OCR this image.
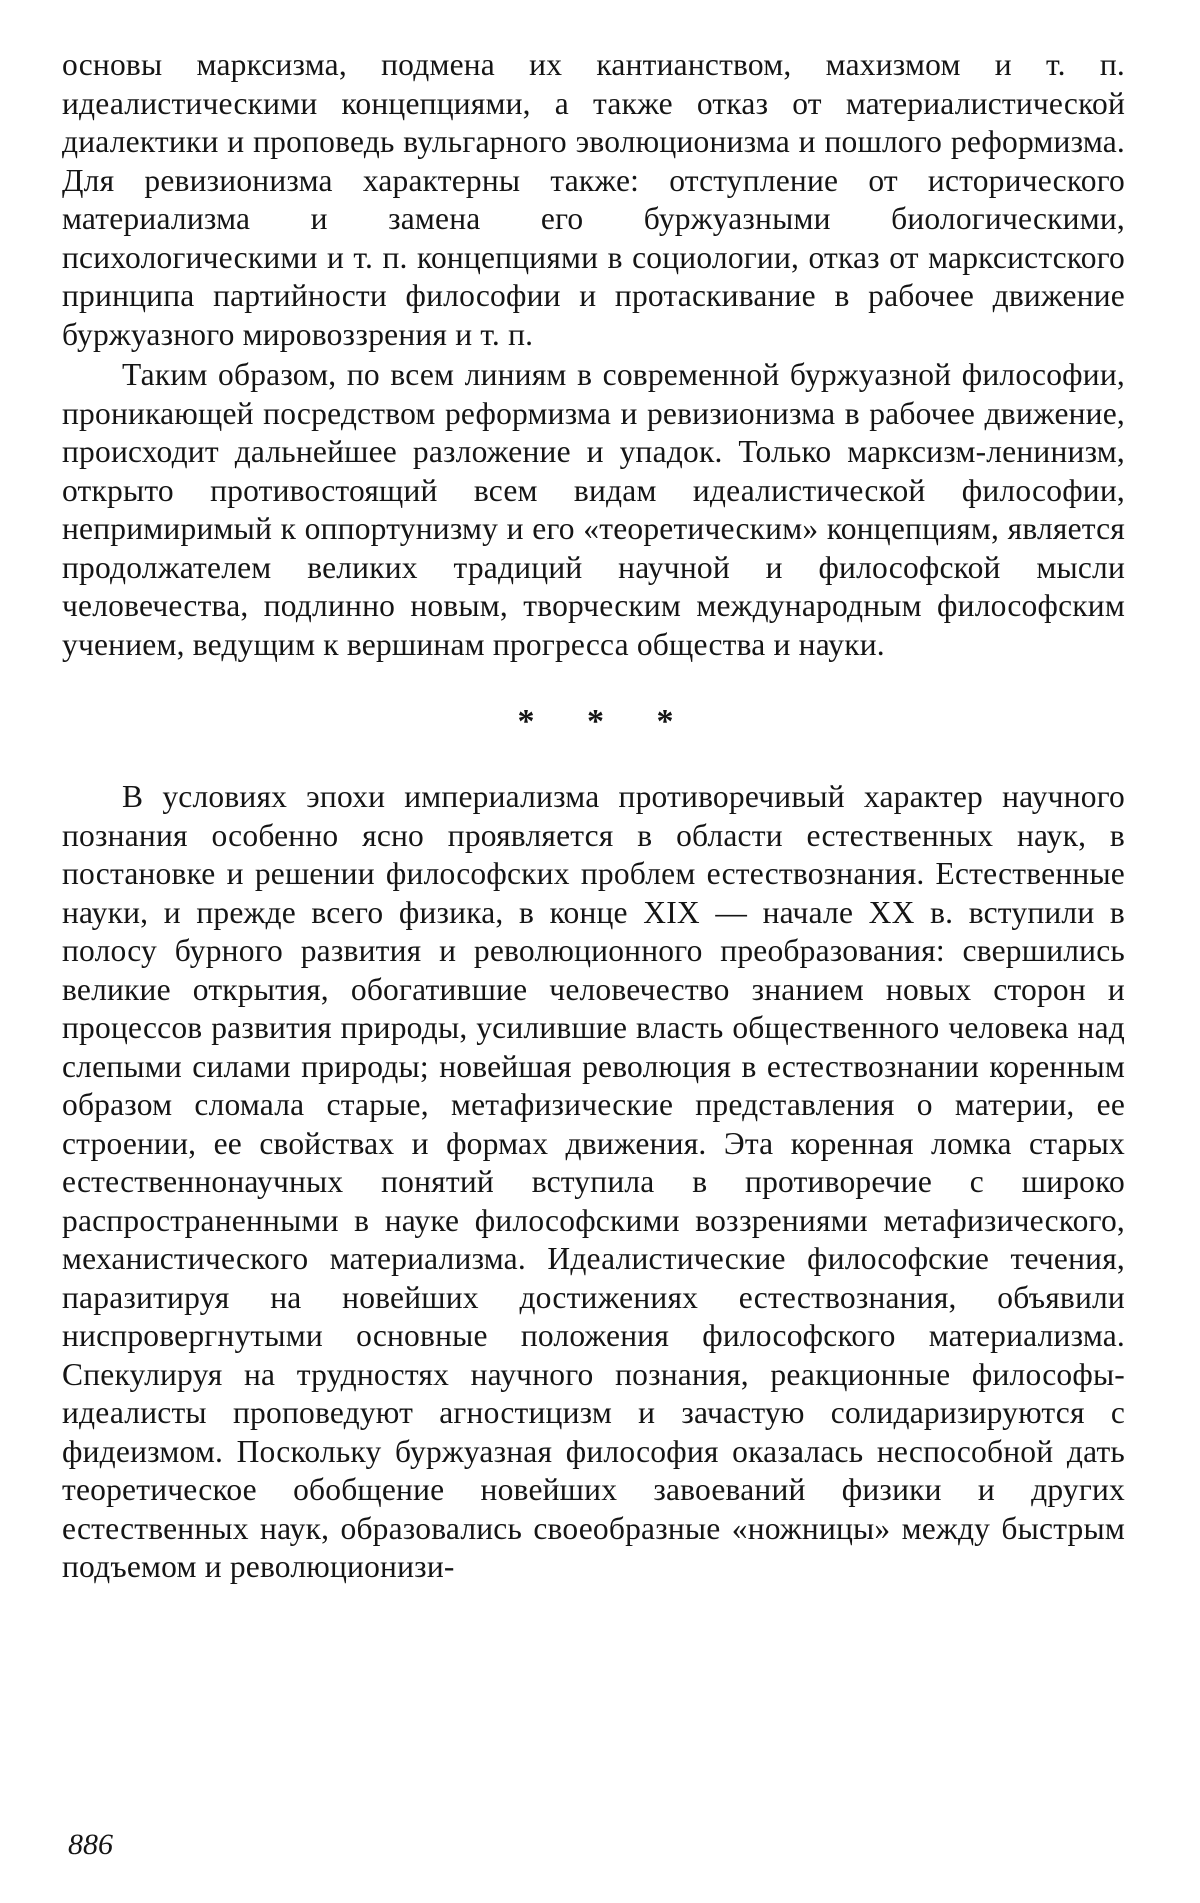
основы марксизма, подмена их кантианством, махизмом и т. п. идеалистическими концепциями, а также отказ от материалистической диалектики и проповедь вульгарного эволюционизма и пошлого реформизма. Для ревизионизма характерны также: отступление от исторического материализма и замена его буржуазными биологическими, психологическими и т. п. концепциями в социологии, отказ от марксистского принципа партийности философии и протаскивание в рабочее движение буржуазного мировоззрения и т. п.

Таким образом, по всем линиям в современной буржуазной философии, проникающей посредством реформизма и ревизионизма в рабочее движение, происходит дальнейшее разложение и упадок. Только марксизм-ленинизм, открыто противостоящий всем видам идеалистической философии, непримиримый к оппортунизму и его «теоретическим» концепциям, является продолжателем великих традиций научной и философской мысли человечества, подлинно новым, творческим международным философским учением, ведущим к вершинам прогресса общества и науки.

* * *

В условиях эпохи империализма противоречивый характер научного познания особенно ясно проявляется в области естественных наук, в постановке и решении философских проблем естествознания. Естественные науки, и прежде всего физика, в конце XIX — начале XX в. вступили в полосу бурного развития и революционного преобразования: свершились великие открытия, обогатившие человечество знанием новых сторон и процессов развития природы, усилившие власть общественного человека над слепыми силами природы; новейшая революция в естествознании коренным образом сломала старые, метафизические представления о материи, ее строении, ее свойствах и формах движения. Эта коренная ломка старых естественнонаучных понятий вступила в противоречие с широко распространенными в науке философскими воззрениями метафизического, механистического материализма. Идеалистические философские течения, паразитируя на новейших достижениях естествознания, объявили ниспровергнутыми основные положения философского материализма. Спекулируя на трудностях научного познания, реакционные философы-идеалисты проповедуют агностицизм и зачастую солидаризируются с фидеизмом. Поскольку буржуазная философия оказалась неспособной дать теоретическое обобщение новейших завоеваний физики и других естественных наук, образовались своеобразные «ножницы» между быстрым подъемом и революционизи-

886
